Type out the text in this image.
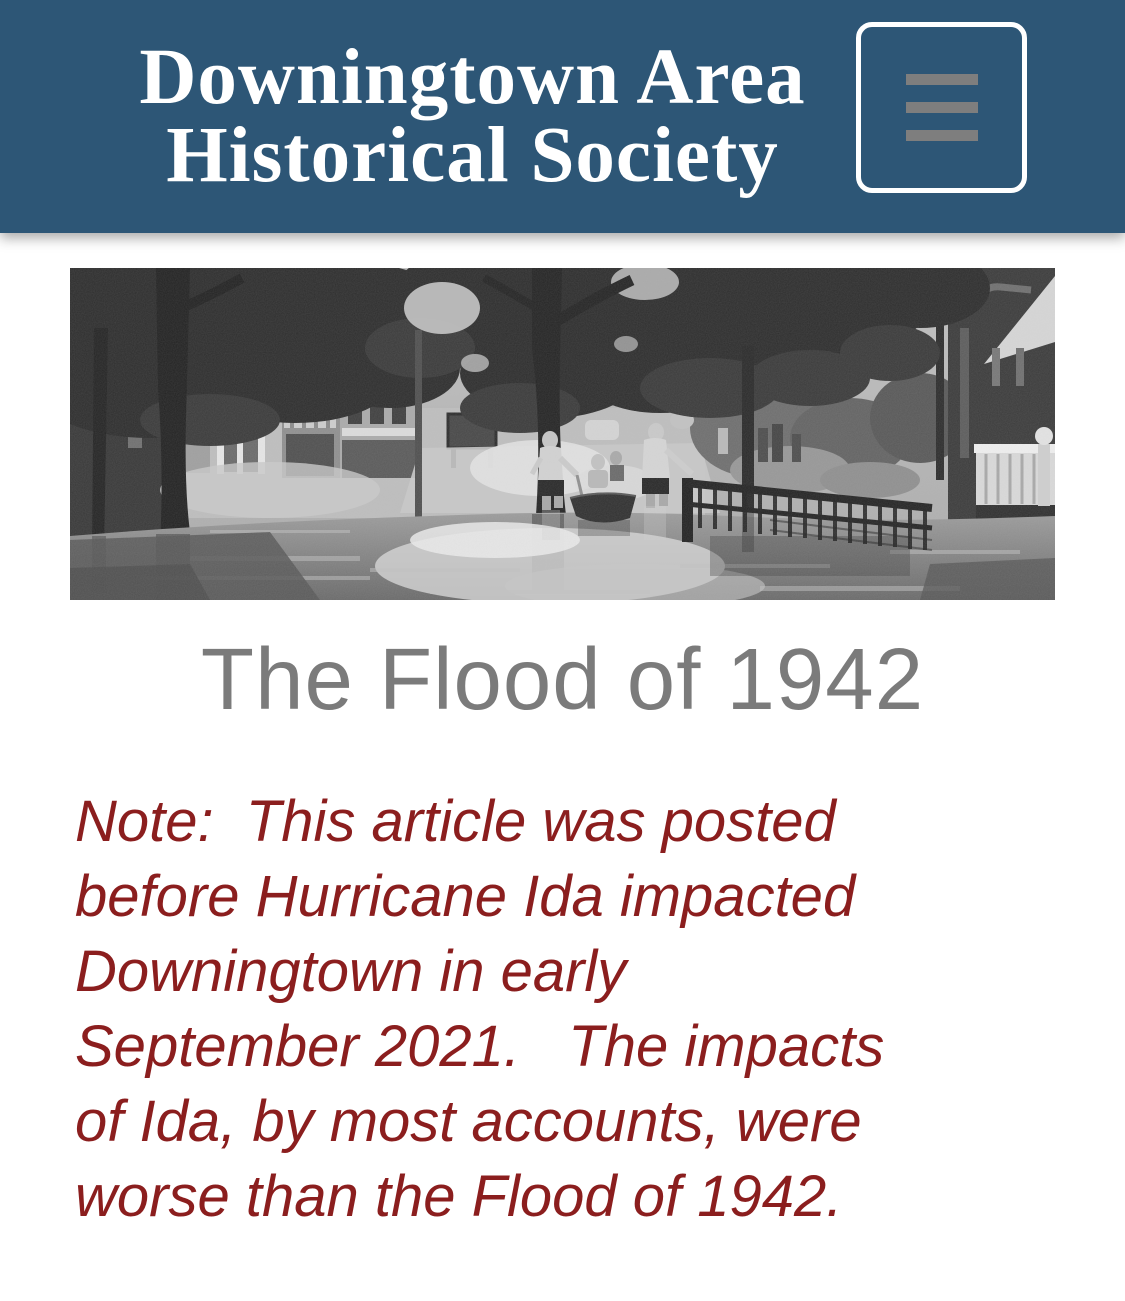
Downingtown Area
Historical Society
The Flood of 1942
Note:  This article was posted
before Hurricane Ida impacted
Downingtown in early
September 2021.   The impacts
of Ida, by most accounts, were
worse than the Flood of 1942.
